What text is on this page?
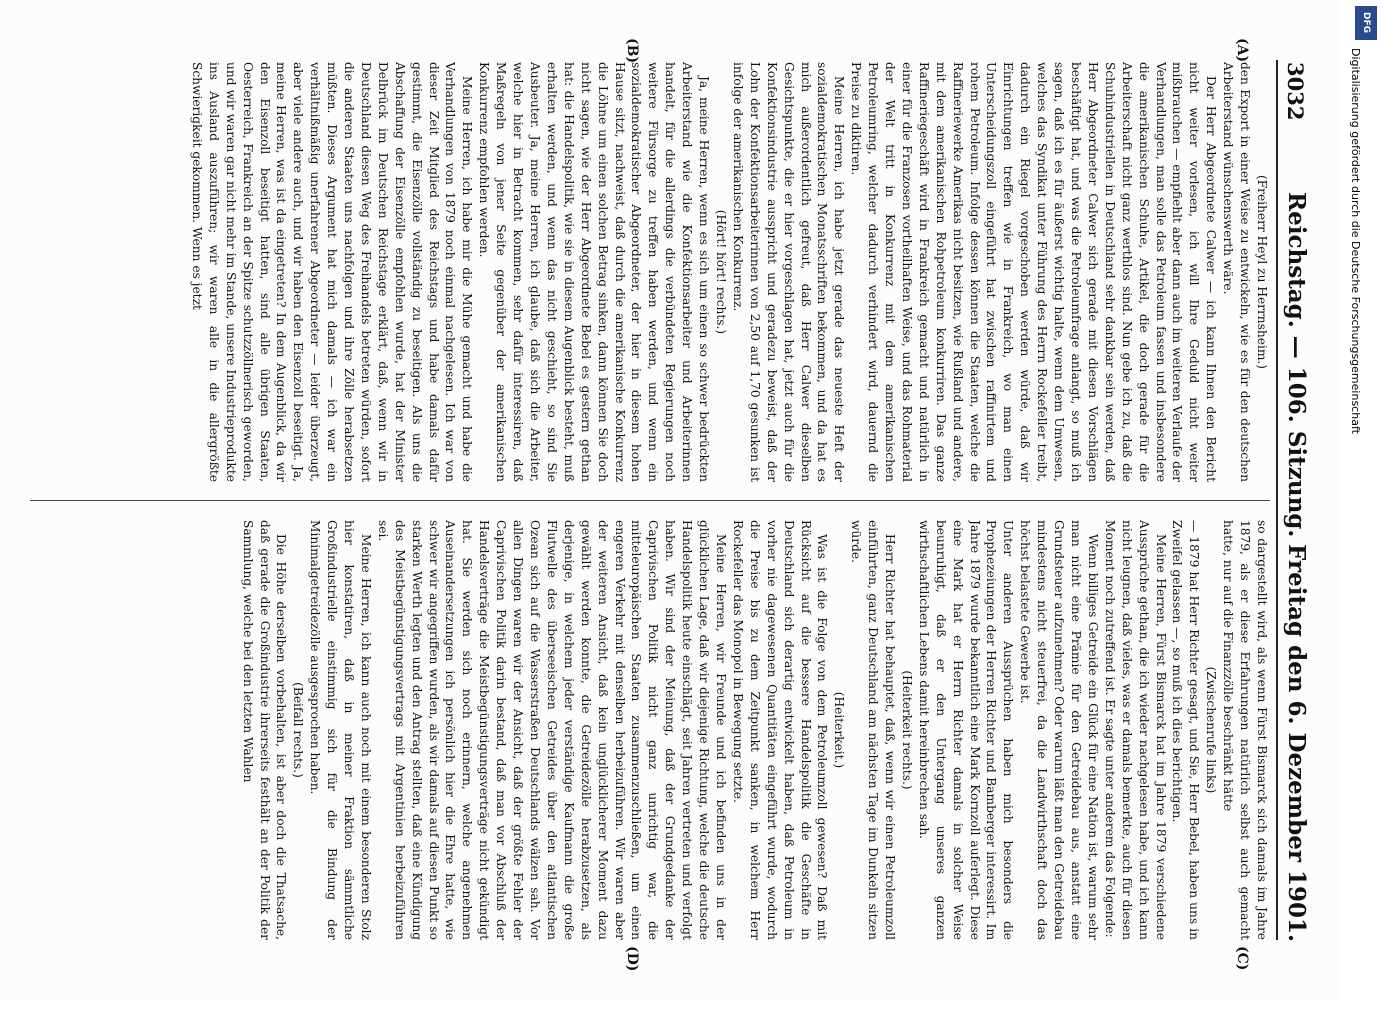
3032
Reichstag. — 106. Sitzung.
Freitag den 6. Dezember 1901.
(A)
(B)
(C)
(D)

(Freiherr Heyl zu Herrnsheim.)

den Export in einer Weise zu entwickeln, wie es für den deutschen Arbeiterstand wünschenswerth wäre.

Der Herr Abgeordnete Calwer — ich kann Ihnen den Bericht nicht weiter vorlesen, ich will Ihre Geduld nicht weiter mißbrauchen — empfiehlt aber dann auch im weiteren Verlaufe der Verhandlungen, man solle das Petroleum fassen und insbesondere die amerikanischen Schuhe, Artikel, die doch gerade für die Arbeiterschaft nicht ganz werthlos sind. Nun gebe ich zu, daß die Schuhindustriellen in Deutschland sehr dankbar sein werden, daß Herr Abgeordneter Calwer sich gerade mit diesen Vorschlägen beschäftigt hat, und was die Petroleumfrage anlangt, so muß ich sagen, daß ich es für äußerst wichtig halte, wenn dem Umwesen, welches das Syndikat unter Führung des Herrn Rockefeller treibt, dadurch ein Riegel vorgeschoben werden würde, daß wir Einrichtungen treffen wie in Frankreich, wo man einen Unterscheidungszoll eingeführt hat zwischen raffinirtem und rohem Petroleum. Infolge dessen können die Staaten, welche die Raffineriewerke Amerikas nicht besitzen, wie Rußland und andere, mit dem amerikanischen Rohpetroleum konkurriren. Das ganze Raffineriegeschäft wird in Frankreich gemacht und natürlich in einer für die Franzosen vortheilhaften Weise, und das Rohmaterial der Welt tritt in Konkurrenz mit dem amerikanischen Petroleumring, welcher dadurch verhindert wird, dauernd die Preise zu diktiren.

Meine Herren, ich habe jetzt gerade das neueste Heft der sozialdemokratischen Monatsschriften bekommen, und da hat es mich außerordentlich gefreut, daß Herr Calwer dieselben Gesichtspunkte, die er hier vorgeschlagen hat, jetzt auch für die Konfektionsindustrie ausspricht und geradezu beweist, daß der Lohn der Konfektionsarbeiterinnen von 2,50 auf 1,70 gesunken ist infolge der amerikanischen Konkurrenz.

(Hört! hört! rechts.)

Ja, meine Herren, wenn es sich um einen so schwer bedrückten Arbeiterstand wie die Konfektionsarbeiter und Arbeiterinnen handelt, für die allerdings die verbündeten Regierungen noch weitere Fürsorge zu treffen haben werden, und wenn ein sozialdemokratischer Abgeordneter, der hier in diesem hohen Hause sitzt, nachweist, daß durch die amerikanische Konkurrenz die Löhne um einen solchen Betrag sinken, dann können Sie doch nicht sagen, wie der Herr Abgeordnete Bebel es gestern gethan hat: die Handelspolitik, wie sie in diesem Augenblick besteht, muß erhalten werden, und wenn das nicht geschieht, so sind Sie Ausbeuter. Ja, meine Herren, ich glaube, daß sich die Arbeiter, welche hier in Betracht kommen, sehr dafür interessiren, daß Maßregeln von jener Seite gegenüber der amerikanischen Konkurrenz empfohlen werden.

Meine Herren, ich habe mir die Mühe gemacht und habe die Verhandlungen von 1879 noch einmal nachgelesen. Ich war von dieser Zeit Mitglied des Reichstags und habe damals dafür gestimmt, die Eisenzölle vollständig zu beseitigen. Als uns die Abschaffung der Eisenzölle empfohlen wurde, hat der Minister Delbrück im Deutschen Reichstage erklärt, daß, wenn wir in Deutschland diesen Weg des Freihandels betreten würden, sofort die anderen Staaten uns nachfolgen und ihre Zölle herabsetzen müßten. Dieses Argument hat mich damals — ich war ein verhältnißmäßig unerfahrener Abgeordneter — leider überzeugt, aber viele andere auch, und wir haben den Eisenzoll beseitigt. Ja, meine Herren, was ist da eingetreten? In dem Augenblick, da wir den Eisenzoll beseitigt hatten, sind alle übrigen Staaten, Oesterreich, Frankreich an der Spitze schutzzöllnerisch geworden, und wir waren gar nicht mehr im Stande, unsere Industrieprodukte ins Ausland auszuführen; wir waren alle in die allergrößte Schwierigkeit gekommen. Wenn es jetzt

so dargestellt wird, als wenn Fürst Bismarck sich damals im Jahre 1879, als er diese Erfahrungen natürlich selbst auch gemacht hatte, nur auf die Finanzzölle beschränkt hätte

(Zwischenrufe links)

— 1879 hat Herr Richter gesagt, und Sie, Herr Bebel, haben uns in Zweifel gelassen —, so muß ich dies berichtigen.

Meine Herren, Fürst Bismarck hat im Jahre 1879 verschiedene Aussprüche gethan, die ich wieder nachgelesen habe, und ich kann nicht leugnen, daß vieles, was er damals bemerkte, auch für diesen Moment noch zutreffend ist. Er sagte unter anderem das Folgende:

Wenn billiges Getreide ein Glück für eine Nation ist, warum sehr man nicht eine Prämie für den Getreidebau aus, anstatt eine Grundsteuer aufzunehmen? Oder warum läßt man den Getreidebau mindestens nicht steuerfrei, da die Landwirthschaft doch das höchst belastete Gewerbe ist.

Unter anderen Aussprüchen haben mich besonders die Prophezeiungen der Herren Richter und Bamberger interessirt. Im Jahre 1879 wurde bekanntlich eine Mark Kornzoll auferlegt. Diese eine Mark hat er Herrn Richter damals in solcher Weise beunruhigt, daß er den Untergang unseres ganzen wirthschaftlichen Lebens damit hereinbrechen sah.

(Heiterkeit rechts.)

Herr Richter hat behauptet, daß, wenn wir einen Petroleumzoll einführten, ganz Deutschland am nächsten Tage im Dunkeln sitzen würde.

(Heiterkeit.)

Was ist die Folge von dem Petroleumzoll gewesen? Daß mit Rücksicht auf die bessere Handelspolitik die Geschäfte in Deutschland sich derartig entwickelt haben, daß Petroleum in vorher nie dagewesenen Quantitäten eingeführt wurde, wodurch die Preise bis zu dem Zeitpunkt sanken, in welchem Herr Rockefeller das Monopol in Bewegung setzte.

Meine Herren, wir Freunde und ich befinden uns in der glücklichen Lage, daß wir diejenige Richtung, welche die deutsche Handelspolitik heute einschlägt, seit Jahren vertreten und verfolgt haben. Wir sind der Meinung, daß der Grundgedanke der Caprivischen Politik nicht ganz unrichtig war, die mitteleuropäischen Staaten zusammenzuschließen, um einen engeren Verkehr mit denselben herbeizuführen. Wir waren aber der weiteren Ansicht, daß kein unglücklicherer Moment dazu gewählt werden konnte, die Getreidezölle herabzusetzen, als derjenige, in welchem jeder verständige Kaufmann die große Flutwelle des überseeischen Getreides über den atlantischen Ozean sich auf die Wasserstraßen Deutschlands wälzen sah. Vor allen Dingen waren wir der Ansicht, daß der größte Fehler der Caprivischen Politik darin bestand, daß man vor Abschluß der Handelsverträge die Meistbegünstigungsverträge nicht gekündigt hat. Sie werden sich noch erinnern, welche angenehmen Auseinandersetzungen ich persönlich hier die Ehre hatte, wie schwer wir angegriffen wurden, als wir damals auf diesen Punkt so starken Werth legten und den Antrag stellten, daß eine Kündigung des Meistbegünstigungsvertrags mit Argentinien herbeizuführen sei.

Meine Herren, ich kann auch noch mit einem besonderen Stolz hier konstatiren, daß in meiner Fraktion sämmtliche Großindustrielle einstimmig sich für die Bindung der Minimalgetreidezölle ausgesprochen haben.

(Beifall rechts.)

Die Höhe derselben vorbehalten, ist aber doch die Thatsache, daß gerade die Großindustrie ihrerseits festhält an der Politik der Sammlung, welche bei den letzten Wahlen

DFG
Digitalisierung gefördert durch die Deutsche Forschungsgemeinschaft
